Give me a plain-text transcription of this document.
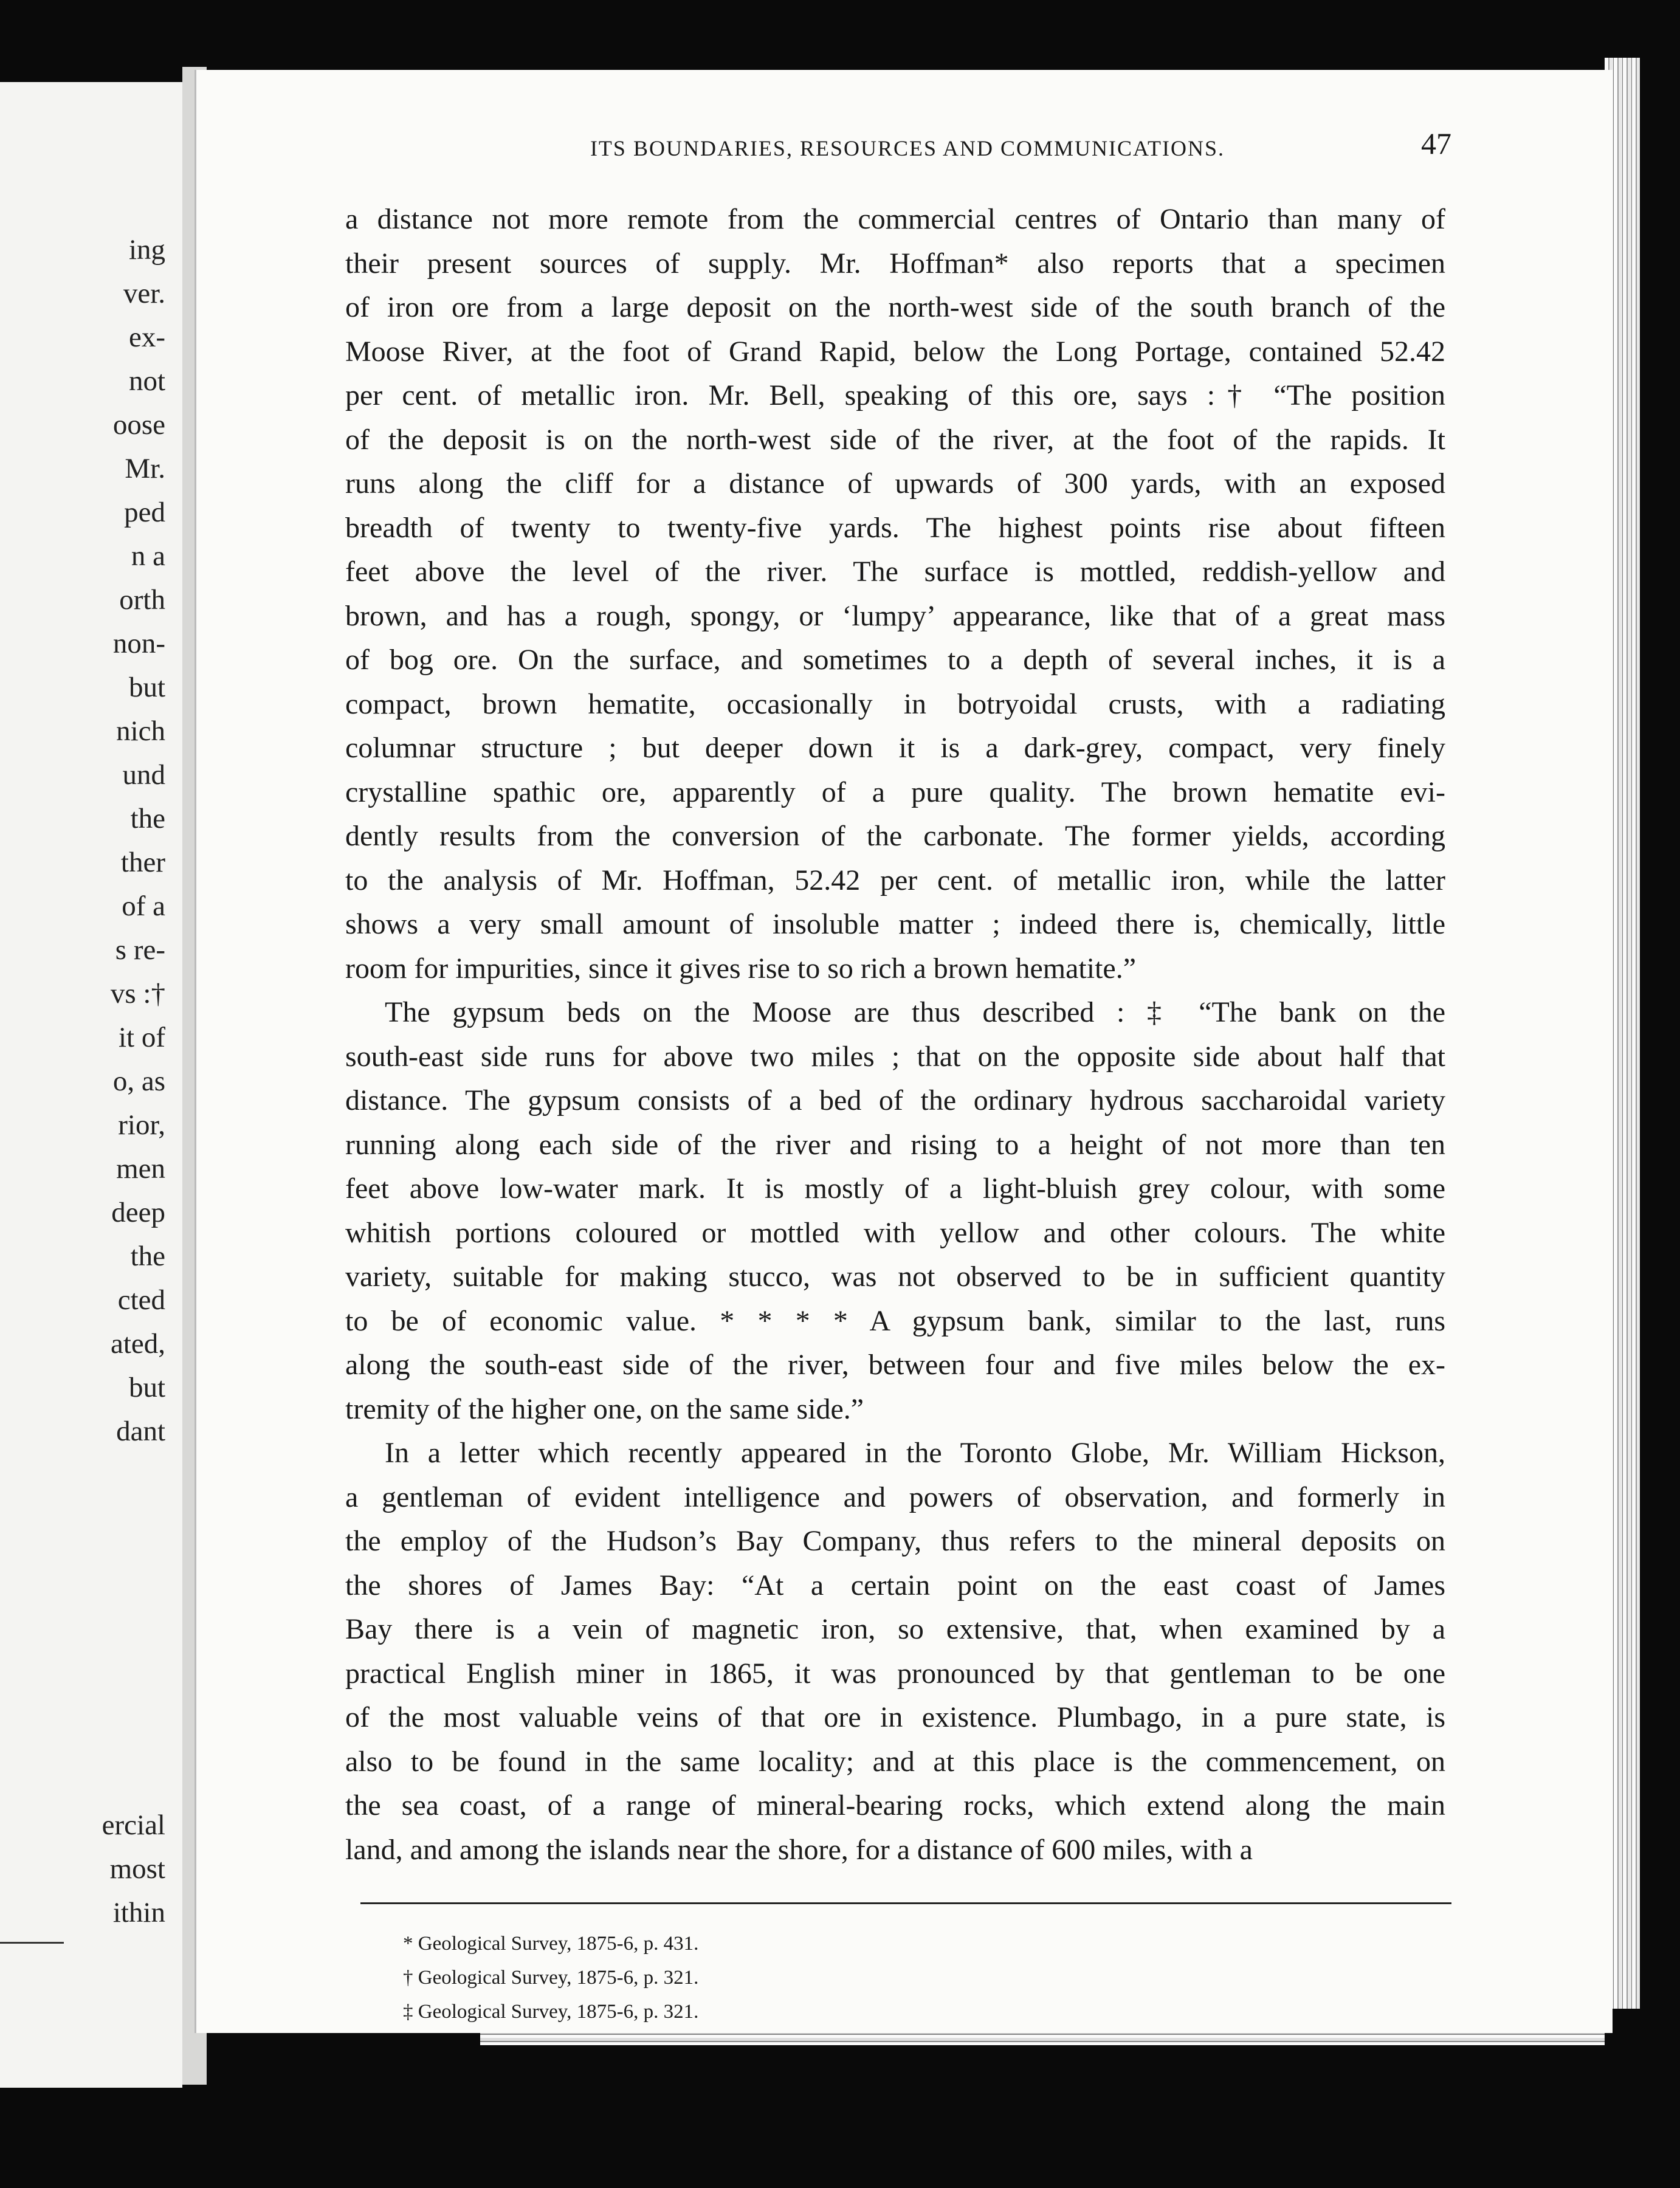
ing
ver.
ex-
not
oose
Mr.
ped
n a
orth
non-
but
nich
und
the
ther
of a
s re-
vs :†
it of
o, as
rior,
men
deep
the
cted
ated,
but
dant
ercial
most
ithin
ITS BOUNDARIES, RESOURCES AND COMMUNICATIONS.	47
a distance not more remote from the commercial centres of Ontario than many of
their present sources of supply. Mr. Hoffman* also reports that a specimen
of iron ore from a large deposit on the north-west side of the south branch of the
Moose River, at the foot of Grand Rapid, below the Long Portage, contained 52.42
per cent. of metallic iron. Mr. Bell, speaking of this ore, says :† “The position
of the deposit is on the north-west side of the river, at the foot of the rapids. It
runs along the cliff for a distance of upwards of 300 yards, with an exposed
breadth of twenty to twenty-five yards. The highest points rise about fifteen
feet above the level of the river. The surface is mottled, reddish-yellow and
brown, and has a rough, spongy, or ‘lumpy’ appearance, like that of a great mass
of bog ore. On the surface, and sometimes to a depth of several inches, it is a
compact, brown hematite, occasionally in botryoidal crusts, with a radiating
columnar structure ; but deeper down it is a dark-grey, compact, very finely
crystalline spathic ore, apparently of a pure quality. The brown hematite evi-
dently results from the conversion of the carbonate. The former yields, according
to the analysis of Mr. Hoffman, 52.42 per cent. of metallic iron, while the latter
shows a very small amount of insoluble matter ; indeed there is, chemically, little
room for impurities, since it gives rise to so rich a brown hematite.”
The gypsum beds on the Moose are thus described : ‡ “The bank on the
south-east side runs for above two miles ; that on the opposite side about half that
distance. The gypsum consists of a bed of the ordinary hydrous saccharoidal variety
running along each side of the river and rising to a height of not more than ten
feet above low-water mark. It is mostly of a light-bluish grey colour, with some
whitish portions coloured or mottled with yellow and other colours. The white
variety, suitable for making stucco, was not observed to be in sufficient quantity
to be of economic value. * * * * A gypsum bank, similar to the last, runs
along the south-east side of the river, between four and five miles below the ex-
tremity of the higher one, on the same side.”
In a letter which recently appeared in the Toronto Globe, Mr. William Hickson,
a gentleman of evident intelligence and powers of observation, and formerly in
the employ of the Hudson’s Bay Company, thus refers to the mineral deposits on
the shores of James Bay: “At a certain point on the east coast of James
Bay there is a vein of magnetic iron, so extensive, that, when examined by a
practical English miner in 1865, it was pronounced by that gentleman to be one
of the most valuable veins of that ore in existence. Plumbago, in a pure state, is
also to be found in the same locality; and at this place is the commencement, on
the sea coast, of a range of mineral-bearing rocks, which extend along the main
land, and among the islands near the shore, for a distance of 600 miles, with a
* Geological Survey, 1875-6, p. 431.
† Geological Survey, 1875-6, p. 321.
‡ Geological Survey, 1875-6, p. 321.
